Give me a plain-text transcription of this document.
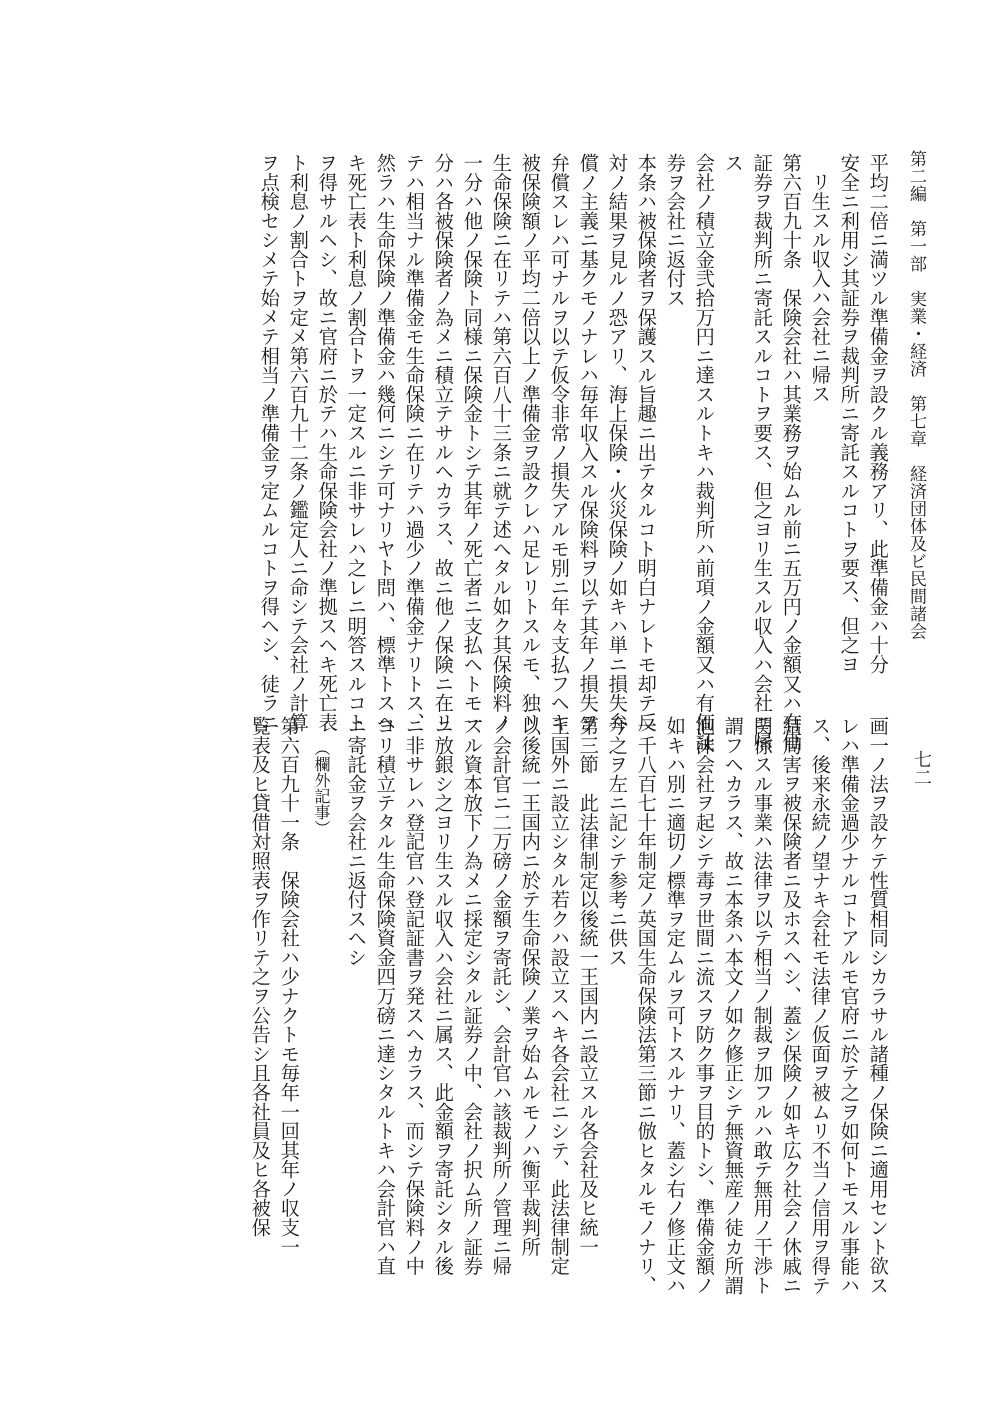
第二編　第一部　実業・経済　第七章　経済団体及ビ民間諸会
平均二倍ニ満ツル準備金ヲ設クル義務アリ、此準備金ハ十分
安全ニ利用シ其証券ヲ裁判所ニ寄託スルコトヲ要ス、但之ヨ
リ生スル収入ハ会社ニ帰ス
第六百九十条　保険会社ハ其業務ヲ始ムル前ニ五万円ノ金額又ハ有価
証券ヲ裁判所ニ寄託スルコトヲ要ス、但之ヨリ生スル収入ハ会社ニ帰
ス
会社ノ積立金弐拾万円ニ達スルトキハ裁判所ハ前項ノ金額又ハ有価証
券ヲ会社ニ返付ス
本条ハ被保険者ヲ保護スル旨趣ニ出テタルコト明白ナレトモ却テ反
対ノ結果ヲ見ルノ恐アリ、海上保険・火災保険ノ如キハ単ニ損失弁
償ノ主義ニ基クモノナレハ毎年収入スル保険料ヲ以テ其年ノ損失ヲ
弁償スレハ可ナルヲ以テ仮令非常ノ損失アルモ別ニ年々支払フヘキ
被保険額ノ平均二倍以上ノ準備金ヲ設クレハ足レリトスルモ、独リ
生命保険ニ在リテハ第六百八十三条ニ就テ述ヘタル如ク其保険料ノ
一分ハ他ノ保険ト同様ニ保険金トシテ其年ノ死亡者ニ支払ヘトモ一
分ハ各被保険者ノ為メニ積立テサルヘカラス、故ニ他ノ保険ニ在リ
テハ相当ナル準備金モ生命保険ニ在リテハ過少ノ準備金ナリトス、
然ラハ生命保険ノ準備金ハ幾何ニシテ可ナリヤト問ハ、標準トスヘ
キ死亡表ト利息ノ割合トヲ一定スルニ非サレハ之レニ明答スルコト
ヲ得サルヘシ、故ニ官府ニ於テハ生命保険会社ノ準拠スヘキ死亡表
ト利息ノ割合トヲ定メ第六百九十二条ノ鑑定人ニ命シテ会社ノ計算
ヲ点検セシメテ始メテ相当ノ準備金ヲ定ムルコトヲ得ヘシ、徒ラニ
七二
画一ノ法ヲ設ケテ性質相同シカラサル諸種ノ保険ニ適用セント欲ス
レハ準備金過少ナルコトアルモ官府ニ於テ之ヲ如何トモスル事能ハ
ス、後来永続ノ望ナキ会社モ法律ノ仮面ヲ被ムリ不当ノ信用ヲ得テ
結局害ヲ被保険者ニ及ホスヘシ、蓋シ保険ノ如キ広ク社会ノ休戚ニ
関係スル事業ハ法律ヲ以テ相当ノ制裁ヲ加フルハ敢テ無用ノ干渉ト
謂フヘカラス、故ニ本条ハ本文ノ如ク修正シテ無資無産ノ徒カ所謂
泡沫会社ヲ起シテ毒ヲ世間ニ流スヲ防ク事ヲ目的トシ、準備金額ノ
如キハ別ニ適切ノ標準ヲ定ムルヲ可トスルナリ、蓋シ右ノ修正文ハ
一千八百七十年制定ノ英国生命保険法第三節ニ倣ヒタルモノナリ、
今之ヲ左ニ記シテ参考ニ供ス
第三節　此法律制定以後統一王国内ニ設立スル各会社及ヒ統一
王国外ニ設立シタル若クハ設立スヘキ各会社ニシテ、此法律制定
以後統一王国内ニ於テ生命保険ノ業ヲ始ムルモノハ衡平裁判所
ノ会計官ニ二万磅ノ金額ヲ寄託シ、会計官ハ該裁判所ノ管理ニ帰
スル資本放下ノ為メニ採定シタル証券ノ中、会社ノ択ム所ノ証券
ニ放銀シ之ヨリ生スル収入ハ会社ニ属ス、此金額ヲ寄託シタル後
ニ非サレハ登記官ハ登記証書ヲ発スヘカラス、而シテ保険料ノ中
ヨリ積立テタル生命保険資金四万磅ニ達シタルトキハ会計官ハ直
ニ寄託金ヲ会社ニ返付スヘシ
（欄外記事）
第六百九十一条　保険会社ハ少ナクトモ毎年一回其年ノ収支一
覧表及ヒ貸借対照表ヲ作リテ之ヲ公告シ且各社員及ヒ各被保
